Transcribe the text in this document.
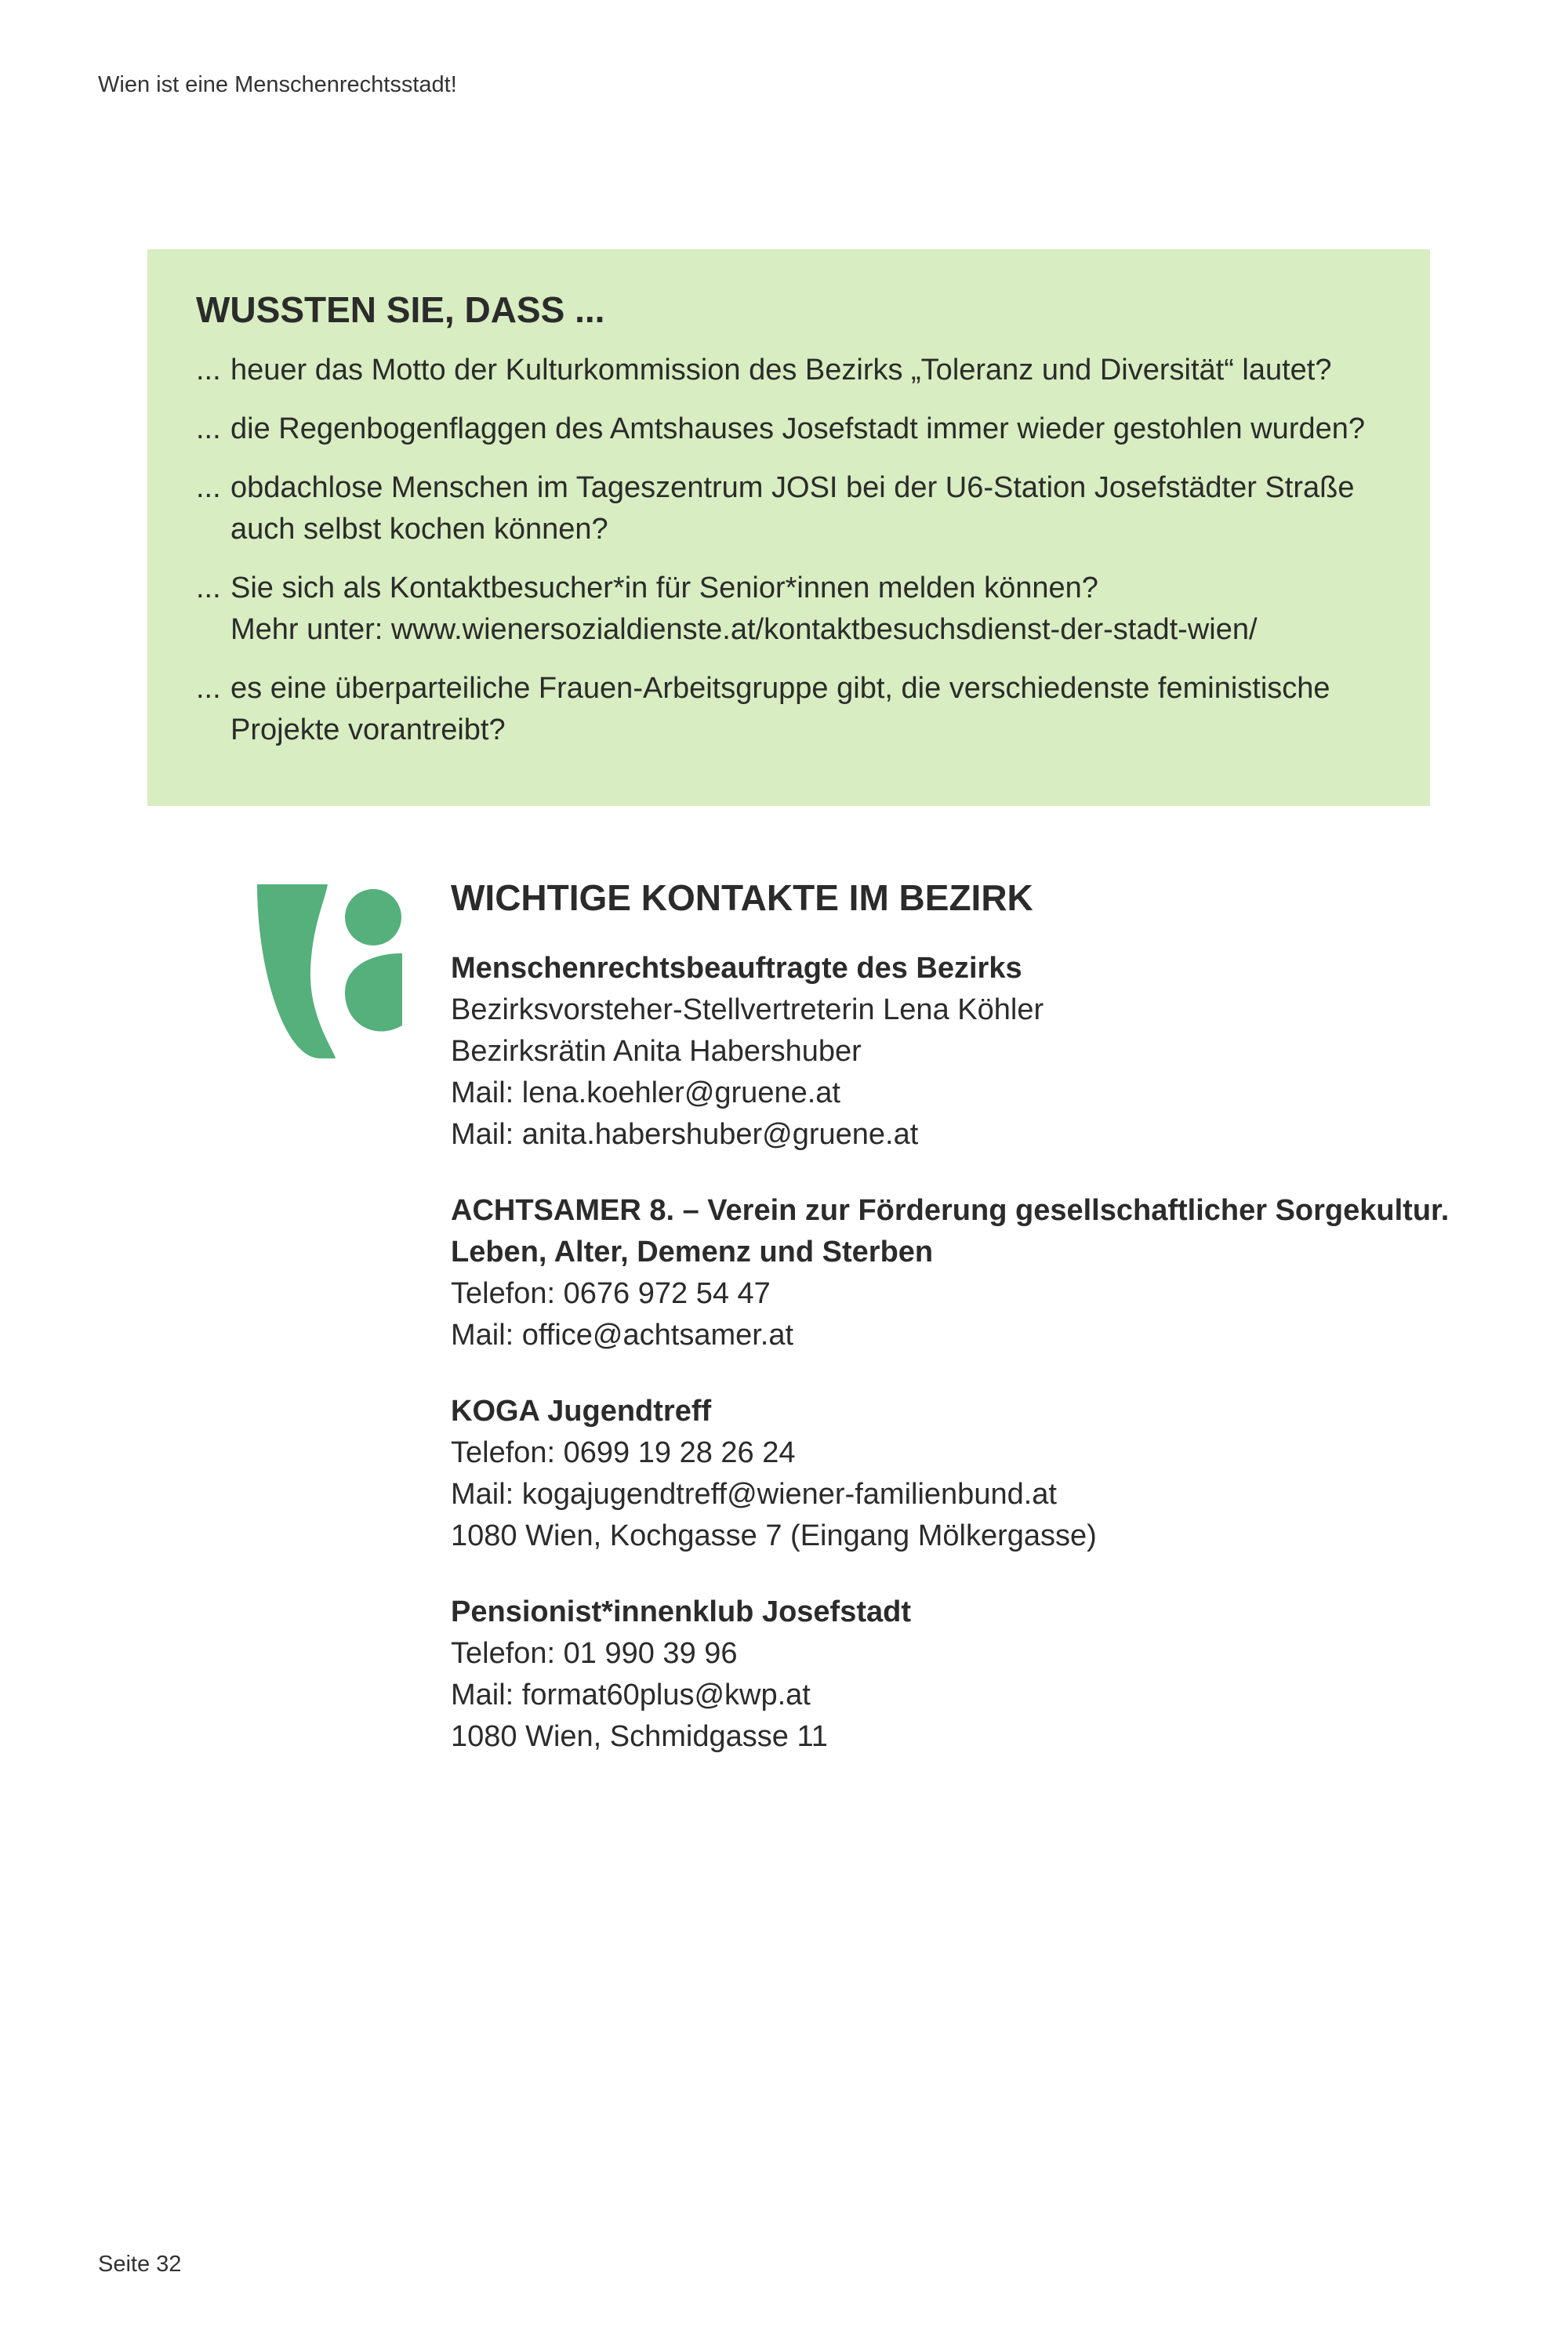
Wien ist eine Menschenrechtsstadt!
WUSSTEN SIE, DASS ...
... heuer das Motto der Kulturkommission des Bezirks „Toleranz und Diversität“ lautet?
... die Regenbogenflaggen des Amtshauses Josefstadt immer wieder gestohlen wurden?
... obdachlose Menschen im Tageszentrum JOSI bei der U6-Station Josefstädter Straße
auch selbst kochen können?
... Sie sich als Kontaktbesucher*in für Senior*innen melden können?
Mehr unter: www.wienersozialdienste.at/kontaktbesuchsdienst-der-stadt-wien/
... es eine überparteiliche Frauen-Arbeitsgruppe gibt, die verschiedenste feministische
Projekte vorantreibt?
WICHTIGE KONTAKTE IM BEZIRK
Menschenrechtsbeauftragte des Bezirks
Bezirksvorsteher-Stellvertreterin Lena Köhler
Bezirksrätin Anita Habershuber
Mail: lena.koehler@gruene.at
Mail: anita.habershuber@gruene.at
ACHTSAMER 8. – Verein zur Förderung gesellschaftlicher Sorgekultur.
Leben, Alter, Demenz und Sterben
Telefon: 0676 972 54 47
Mail: office@achtsamer.at
KOGA Jugendtreff
Telefon: 0699 19 28 26 24
Mail: kogajugendtreff@wiener-familienbund.at
1080 Wien, Kochgasse 7 (Eingang Mölkergasse)
Pensionist*innenklub Josefstadt
Telefon: 01 990 39 96
Mail: format60plus@kwp.at
1080 Wien, Schmidgasse 11
Seite 32
